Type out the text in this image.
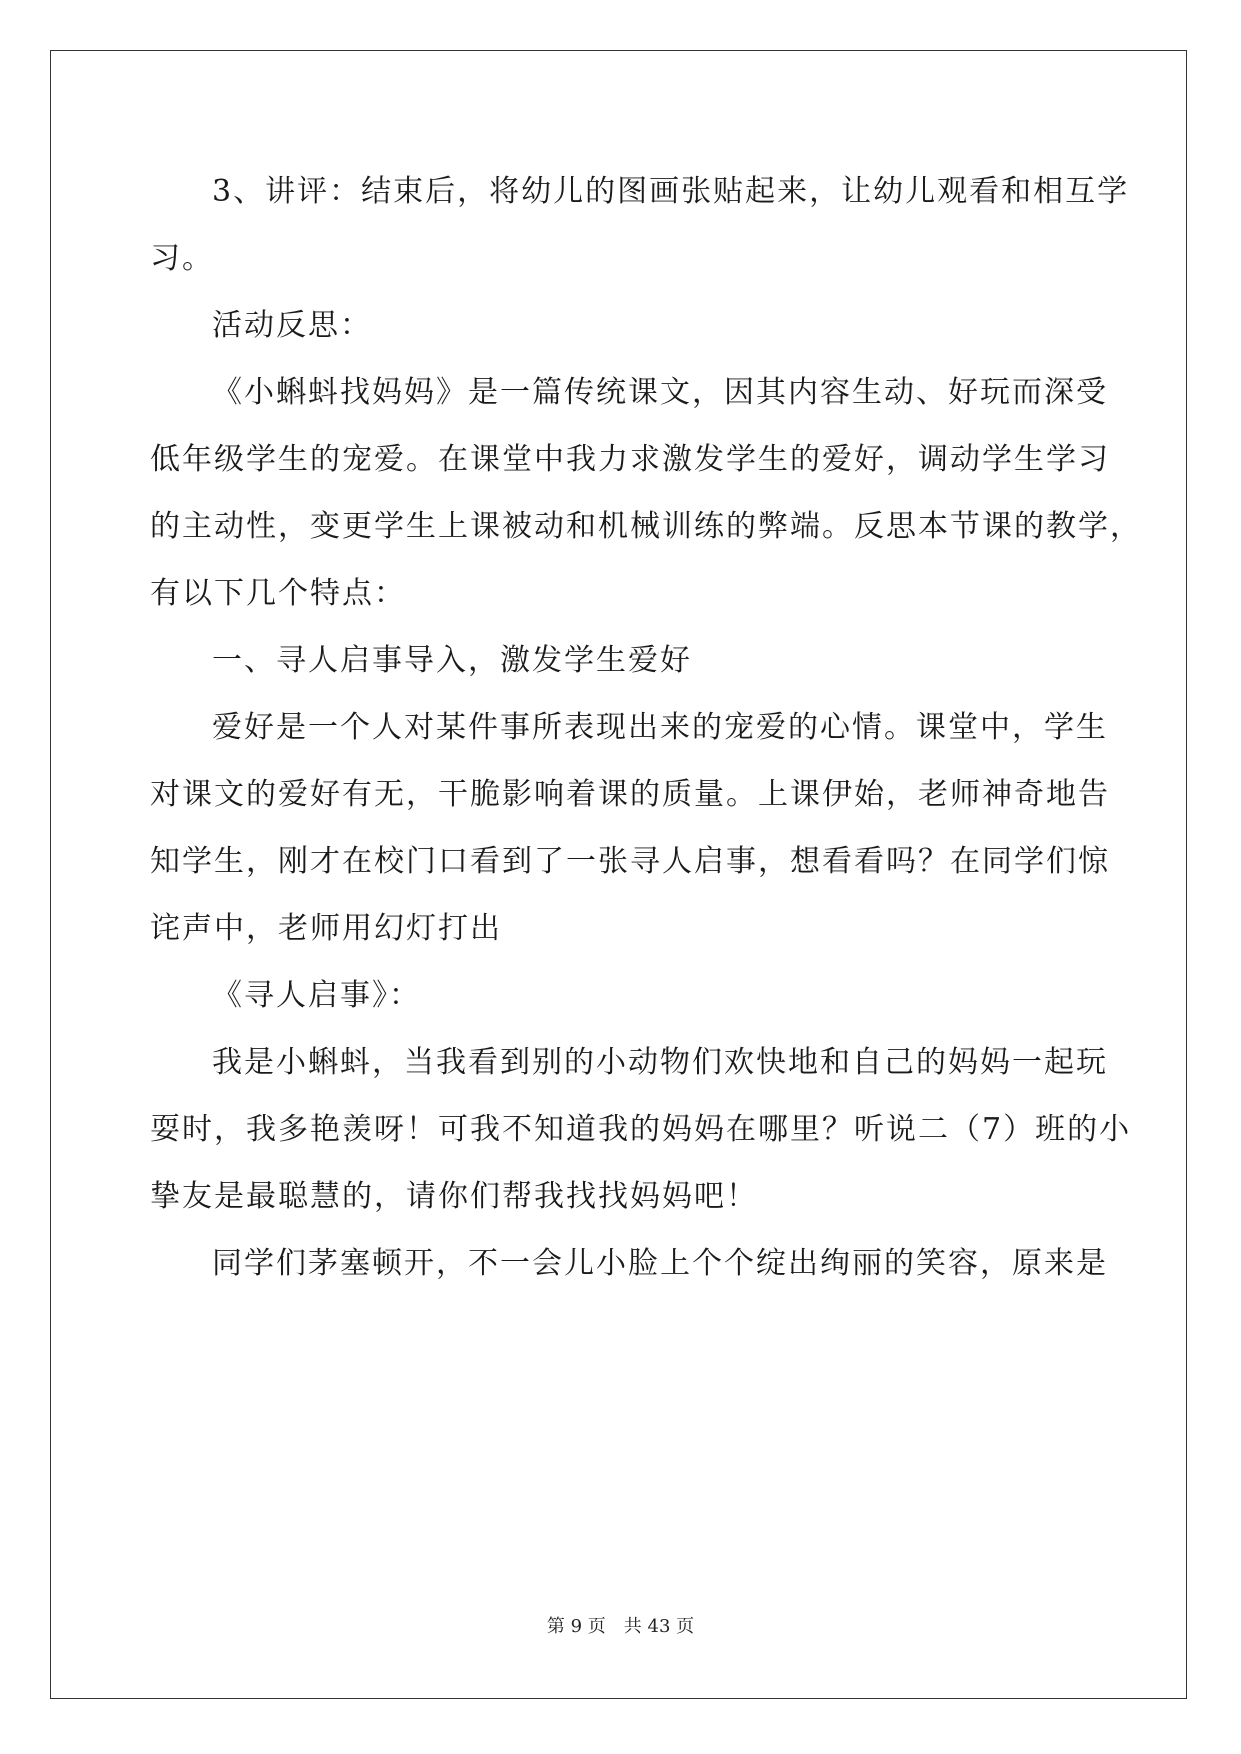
3、讲评：结束后，将幼儿的图画张贴起来，让幼儿观看和相互学
习。
活动反思：
《小蝌蚪找妈妈》是一篇传统课文，因其内容生动、好玩而深受
低年级学生的宠爱。在课堂中我力求激发学生的爱好，调动学生学习
的主动性，变更学生上课被动和机械训练的弊端。反思本节课的教学，
有以下几个特点：
一、寻人启事导入，激发学生爱好
爱好是一个人对某件事所表现出来的宠爱的心情。课堂中，学生
对课文的爱好有无，干脆影响着课的质量。上课伊始，老师神奇地告
知学生，刚才在校门口看到了一张寻人启事，想看看吗？在同学们惊
诧声中，老师用幻灯打出
《寻人启事》：
我是小蝌蚪，当我看到别的小动物们欢快地和自己的妈妈一起玩
耍时，我多艳羡呀！可我不知道我的妈妈在哪里？听说二（7）班的小
挚友是最聪慧的，请你们帮我找找妈妈吧！
同学们茅塞顿开，不一会儿小脸上个个绽出绚丽的笑容，原来是
第 9 页　共 43 页
